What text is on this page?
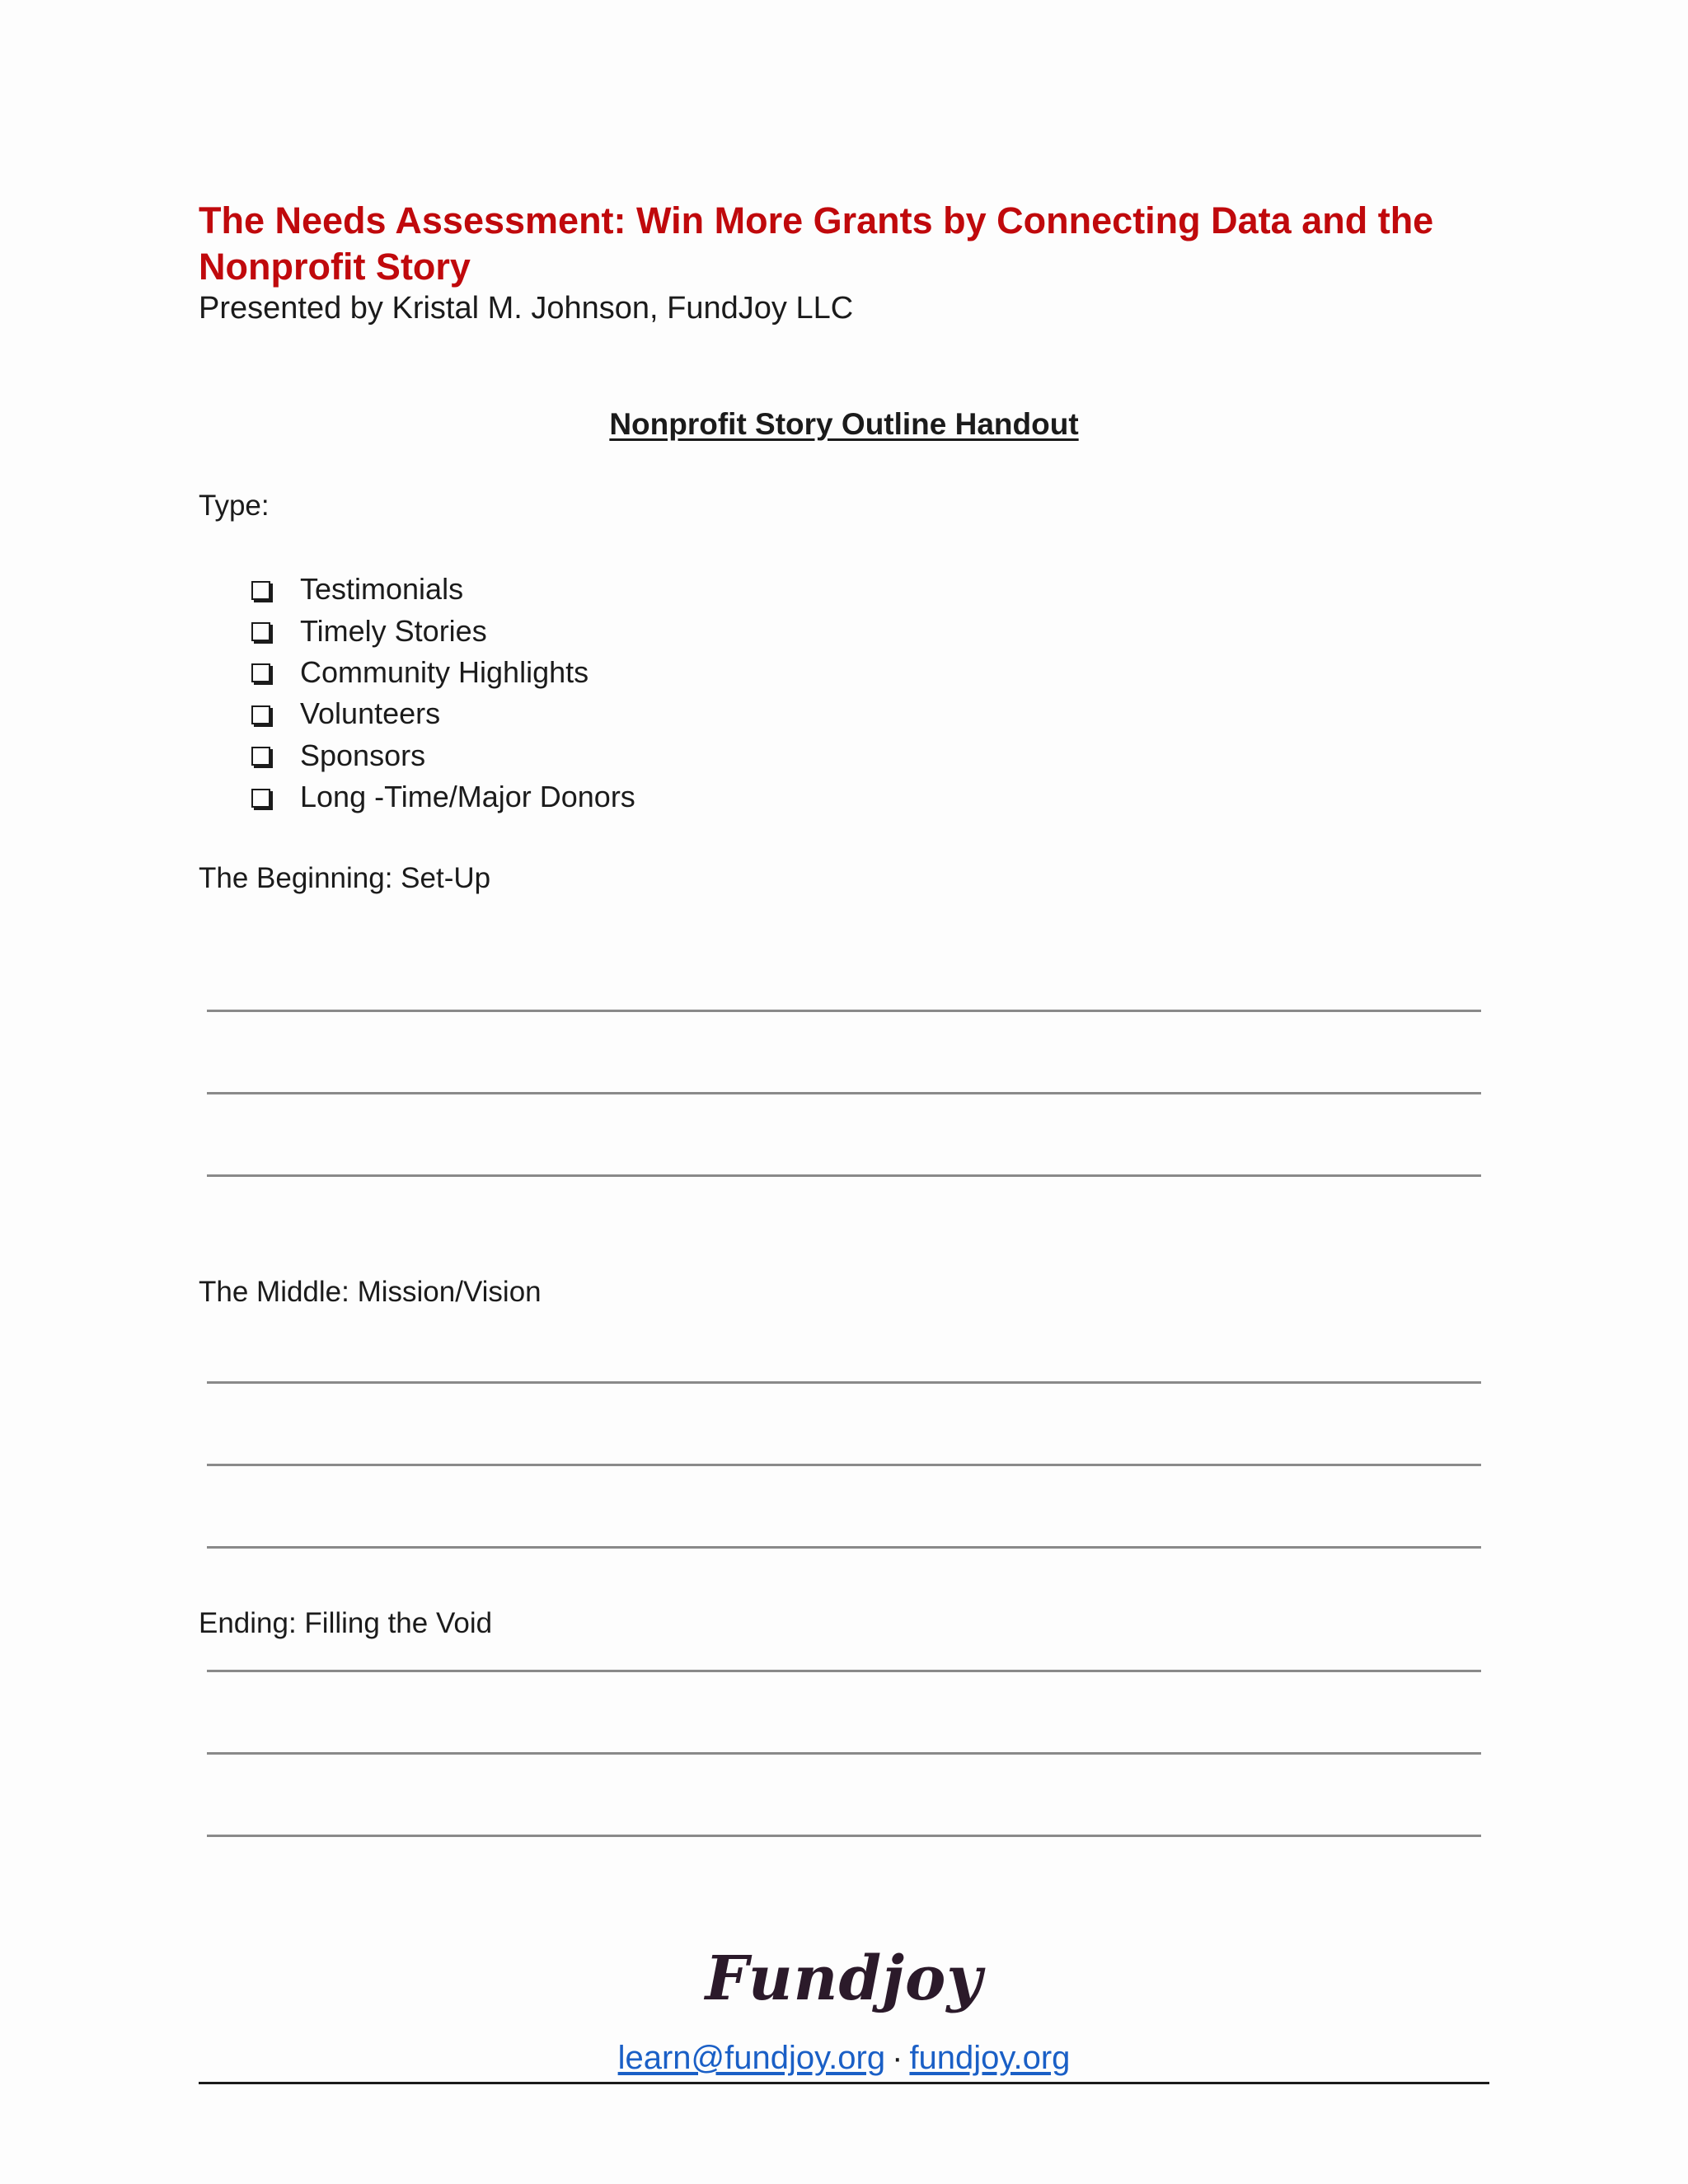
The Needs Assessment: Win More Grants by Connecting Data and the Nonprofit Story

Presented by Kristal M. Johnson, FundJoy LLC

Nonprofit Story Outline Handout

Type:

Testimonials
Timely Stories
Community Highlights
Volunteers
Sponsors
Long -Time/Major Donors

The Beginning: Set-Up

The Middle: Mission/Vision

Ending: Filling the Void

Fundjoy

learn@fundjoy.org · fundjoy.org
